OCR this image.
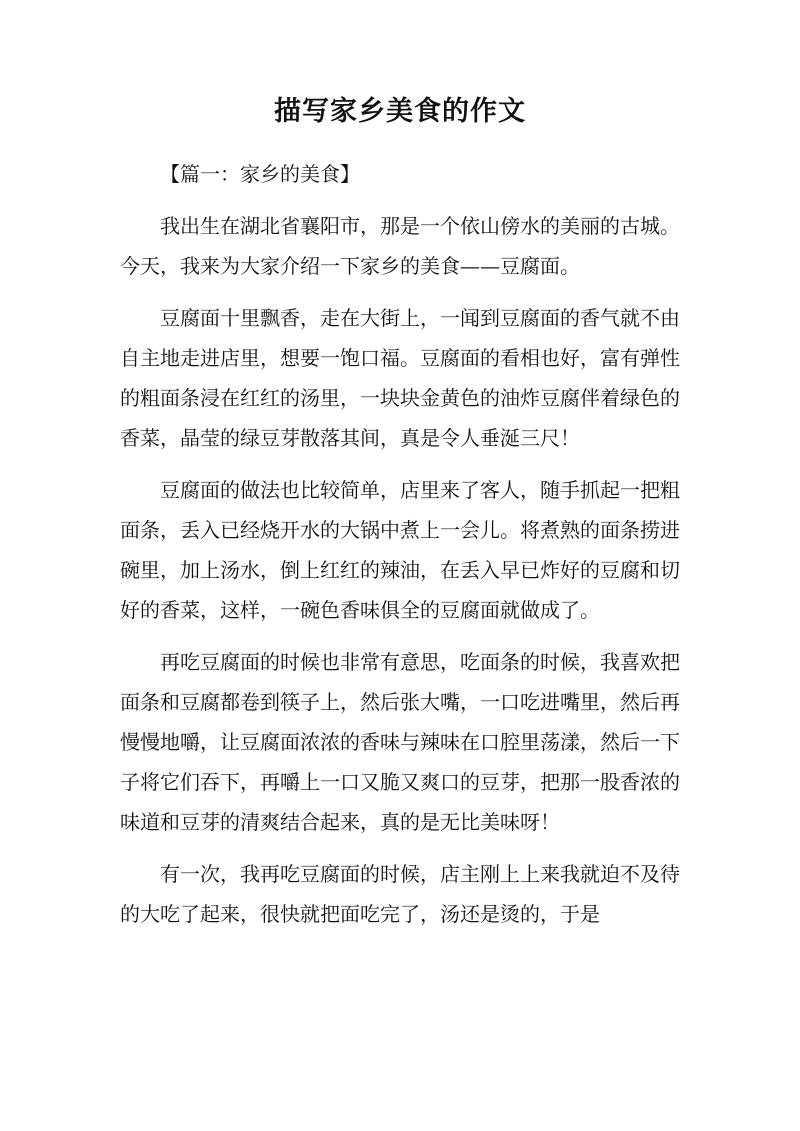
描写家乡美食的作文

【篇一：家乡的美食】

我出生在湖北省襄阳市，那是一个依山傍水的美丽的古城。今天，我来为大家介绍一下家乡的美食——豆腐面。

豆腐面十里飘香，走在大街上，一闻到豆腐面的香气就不由自主地走进店里，想要一饱口福。豆腐面的看相也好，富有弹性的粗面条浸在红红的汤里，一块块金黄色的油炸豆腐伴着绿色的香菜，晶莹的绿豆芽散落其间，真是令人垂涎三尺！

豆腐面的做法也比较简单，店里来了客人，随手抓起一把粗面条，丢入已经烧开水的大锅中煮上一会儿。将煮熟的面条捞进碗里，加上汤水，倒上红红的辣油，在丢入早已炸好的豆腐和切好的香菜，这样，一碗色香味俱全的豆腐面就做成了。

再吃豆腐面的时候也非常有意思，吃面条的时候，我喜欢把面条和豆腐都卷到筷子上，然后张大嘴，一口吃进嘴里，然后再慢慢地嚼，让豆腐面浓浓的香味与辣味在口腔里荡漾，然后一下子将它们吞下，再嚼上一口又脆又爽口的豆芽，把那一股香浓的味道和豆芽的清爽结合起来，真的是无比美味呀！

有一次，我再吃豆腐面的时候，店主刚上上来我就迫不及待的大吃了起来，很快就把面吃完了，汤还是烫的，于是
